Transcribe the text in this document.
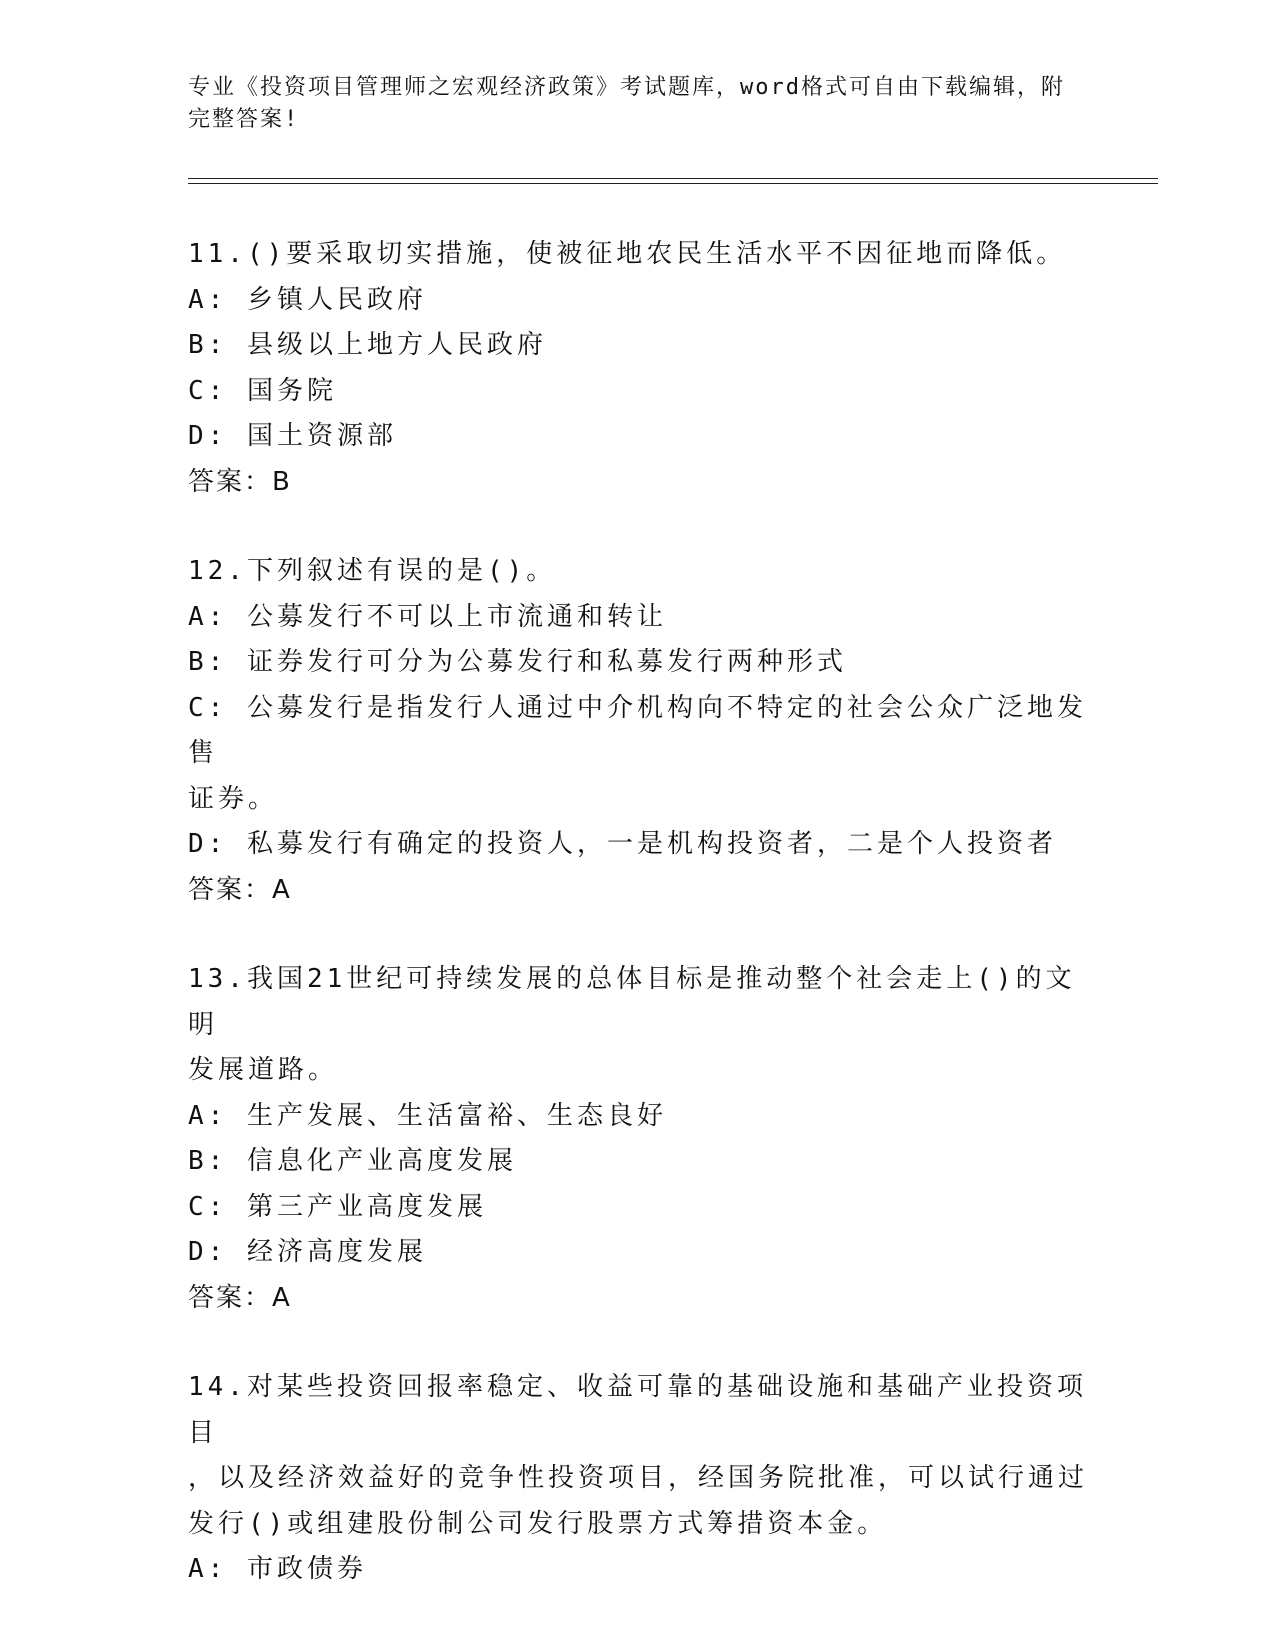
专业《投资项目管理师之宏观经济政策》考试题库，word格式可自由下载编辑，附完整答案!
11.()要采取切实措施，使被征地农民生活水平不因征地而降低。
A: 乡镇人民政府
B: 县级以上地方人民政府
C: 国务院
D: 国土资源部
答案：B
12.下列叙述有误的是()。
A: 公募发行不可以上市流通和转让
B: 证券发行可分为公募发行和私募发行两种形式
C: 公募发行是指发行人通过中介机构向不特定的社会公众广泛地发售
证券。
D: 私募发行有确定的投资人，一是机构投资者，二是个人投资者
答案：A
13.我国21世纪可持续发展的总体目标是推动整个社会走上()的文明
发展道路。
A: 生产发展、生活富裕、生态良好
B: 信息化产业高度发展
C: 第三产业高度发展
D: 经济高度发展
答案：A
14.对某些投资回报率稳定、收益可靠的基础设施和基础产业投资项目
，以及经济效益好的竞争性投资项目，经国务院批准，可以试行通过
发行()或组建股份制公司发行股票方式筹措资本金。
A: 市政债券
